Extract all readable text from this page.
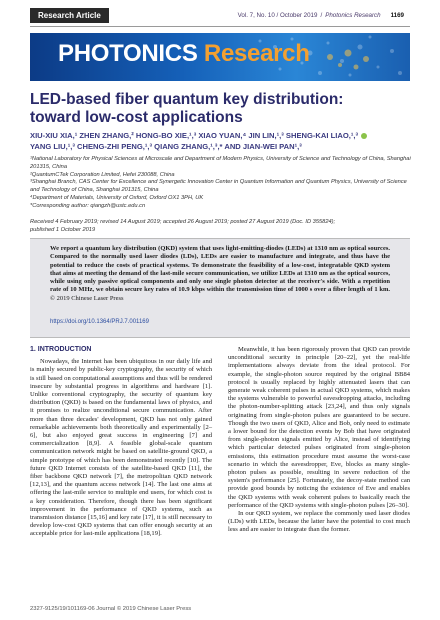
Research Article	Vol. 7, No. 10 / October 2019 / Photonics Research 1169
PHOTONICS Research
LED-based fiber quantum key distribution:
toward low-cost applications
XIU-XIU XIA,¹ ZHEN ZHANG,² HONG-BO XIE,¹,³ XIAO YUAN,⁴ JIN LIN,¹,³ SHENG-KAI LIAO,¹,³
YANG LIU,¹,³ CHENG-ZHI PENG,¹,³ QIANG ZHANG,¹,³,* AND JIAN-WEI PAN¹,³
¹National Laboratory for Physical Sciences at Microscale and Department of Modern Physics, University of Science and Technology of China, Shanghai 201315, China
²QuantumCTek Corporation Limited, Hefei 230088, China
³Shanghai Branch, CAS Center for Excellence and Synergetic Innovation Center in Quantum Information and Quantum Physics, University of Science and Technology of China, Shanghai 201315, China
⁴Department of Materials, University of Oxford, Oxford OX1 3PH, UK
*Corresponding author: qiangzh@ustc.edu.cn
Received 4 February 2019; revised 14 August 2019; accepted 26 August 2019; posted 27 August 2019 (Doc. ID 355824);
published 1 October 2019
We report a quantum key distribution (QKD) system that uses light-emitting-diodes (LEDs) at 1310 nm as optical sources. Compared to the normally used laser diodes (LDs), LEDs are easier to manufacture and integrate, and thus have the potential to reduce the costs of practical systems. To demonstrate the feasibility of a low-cost, integratable QKD system that aims at meeting the demand of the last-mile secure communication, we utilize LEDs at 1310 nm as the optical sources, while using only passive optical components and only one single photon detector at the receiver's side. With a repetition rate of 10 MHz, we obtain secure key rates of 10.9 kbps within the transmission time of 1000 s over a fiber length of 1 km. © 2019 Chinese Laser Press
https://doi.org/10.1364/PRJ.7.001169
1. INTRODUCTION

Nowadays, the Internet has been ubiquitous in our daily life and is mainly secured by public-key cryptography, the security of which is still based on computational assumptions and thus will be rendered insecure by substantial progress in algorithms and hardware [1]. Unlike conventional cryptography, the security of quantum key distribution (QKD) is based on the fundamental laws of physics, and it promises to realize unconditional secure communication. After more than three decades' development, QKD has not only gained remarkable achievements both theoretically and experimentally [2–6], but also enjoyed great success in engineering [7] and commercialization [8,9]. A feasible global-scale quantum communication network might be based on satellite-ground QKD, a simple prototype of which has been demonstrated recently [10]. The future QKD Internet consists of the satellite-based QKD [11], the fiber backbone QKD network [7], the metropolitan QKD network [12,13], and the quantum access network [14]. The last one aims at offering the last-mile service to multiple end users, for which cost is a key consideration. Therefore, though there has been significant improvement in the performance of QKD systems, such as transmission distance [15,16] and key rate [17], it is still necessary to develop low-cost QKD systems that can offer enough security at an acceptable price for last-mile applications [18,19].

Meanwhile, it has been rigorously proven that QKD can provide unconditional security in principle [20–22], yet the real-life implementations always deviate from the ideal protocol. For example, the single-photon source required by the original BB84 protocol is usually replaced by highly attenuated lasers that can generate weak coherent pulses in actual QKD systems, which makes the systems vulnerable to powerful eavesdropping attacks, including the photon-number-splitting attack [23,24], and thus only signals originating from single-photon pulses are guaranteed to be secure. Though the two users of QKD, Alice and Bob, only need to estimate a lower bound for the detection events by Bob that have originated from single-photon signals emitted by Alice, instead of identifying which particular detected pulses originated from single-photon emissions, this estimation procedure must assume the worst-case scenario in which the eavesdropper, Eve, blocks as many single-photon pulses as possible, resulting in severe reduction of the system's performance [25]. Fortunately, the decoy-state method can provide good bounds by noticing the existence of Eve and enables the QKD systems with weak coherent pulses to basically reach the performance of the QKD systems with single-photon pulses [26–30].

In our QKD system, we replace the commonly used laser diodes (LDs) with LEDs, because the latter have the potential to cost much less and are easier to integrate than the former.

2327-9125/19/101169-06 Journal © 2019 Chinese Laser Press
